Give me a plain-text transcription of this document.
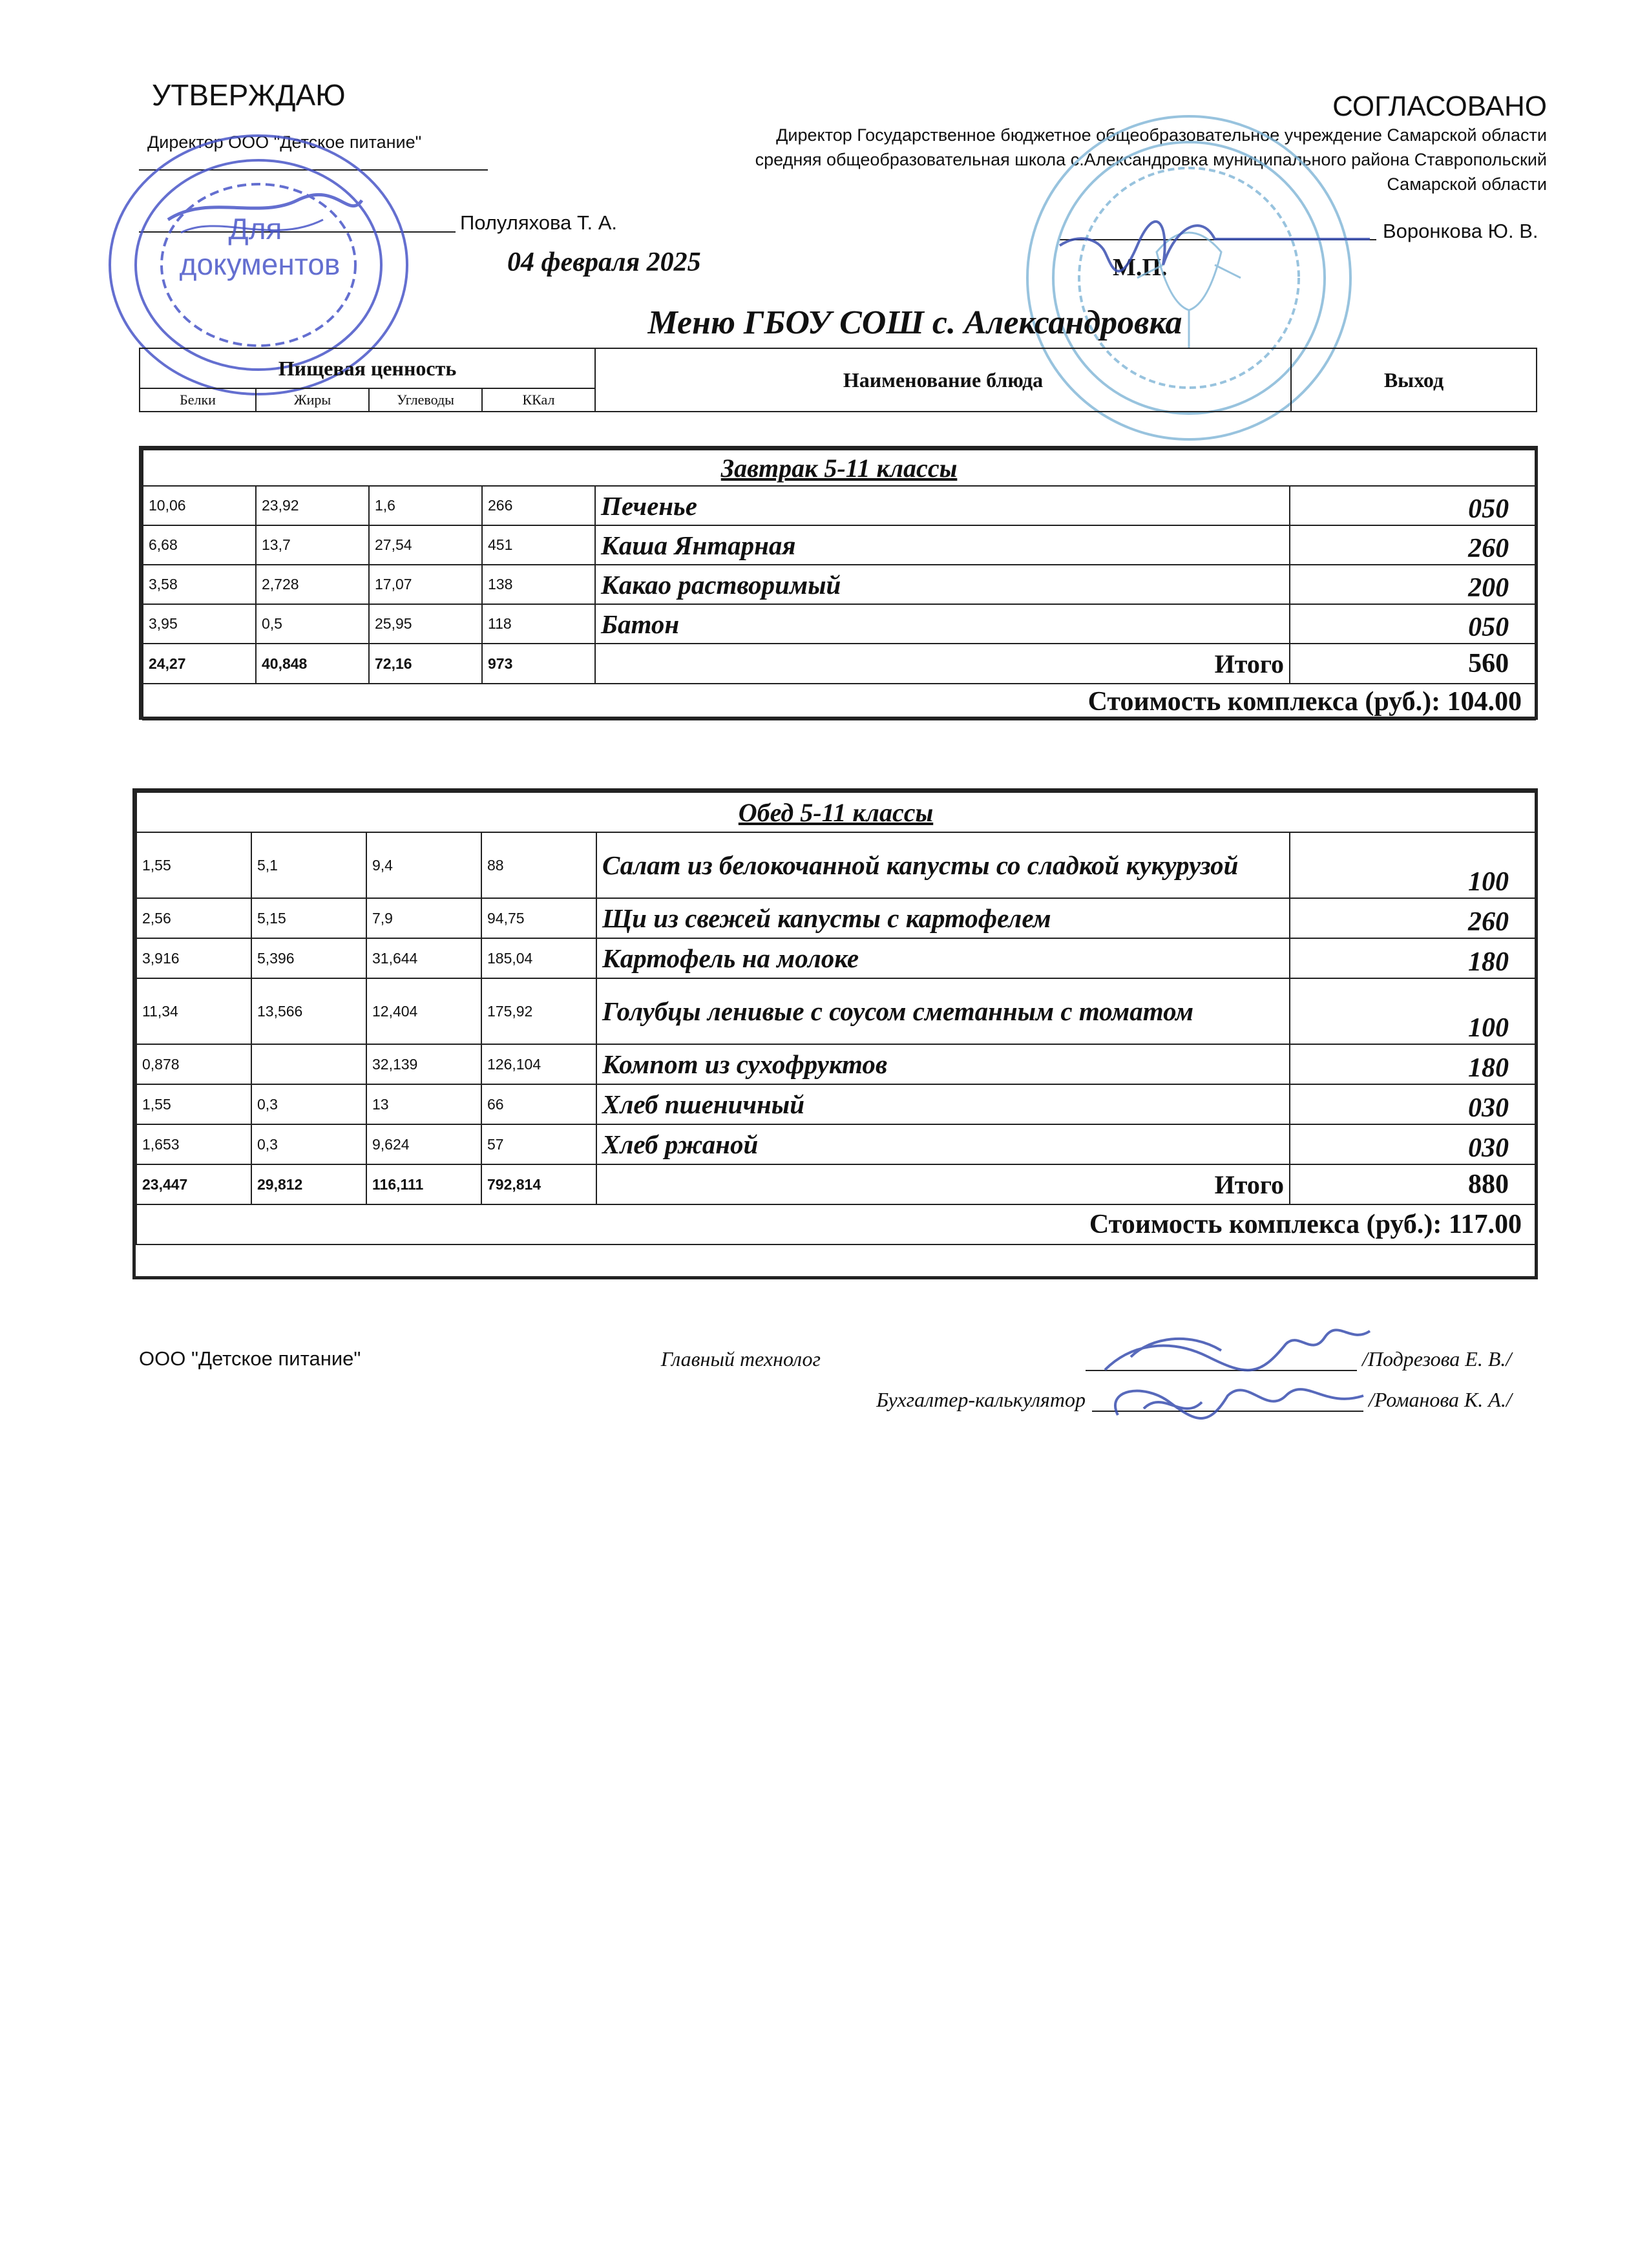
УТВЕРЖДАЮ
Директор ООО "Детское питание"
Полуляхова Т. А.
04 февраля 2025
СОГЛАСОВАНО
Директор Государственное бюджетное общеобразовательное учреждение Самарской области средняя общеобразовательная школа с.Александровка муниципального района Ставропольский Самарской области
Воронкова Ю. В.
М.П.
Для
документов
Меню ГБОУ СОШ с. Александровка
Пищевая ценность				Наименование блюда	Выход
Белки	Жиры	Углеводы	ККал		
Завтрак 5-11 классы					
10,06	23,92	1,6	266	Печенье	050
6,68	13,7	27,54	451	Каша Янтарная	260
3,58	2,728	17,07	138	Какао растворимый	200
3,95	0,5	25,95	118	Батон	050
24,27	40,848	72,16	973	Итого	560
Стоимость комплекса (руб.): 104.00					
Обед 5-11 классы					
1,55	5,1	9,4	88	Салат из белокочанной капусты со сладкой кукурузой	100
2,56	5,15	7,9	94,75	Щи из свежей капусты с картофелем	260
3,916	5,396	31,644	185,04	Картофель на молоке	180
11,34	13,566	12,404	175,92	Голубцы ленивые с соусом сметанным с томатом	100
0,878		32,139	126,104	Компот из сухофруктов	180
1,55	0,3	13	66	Хлеб пшеничный	030
1,653	0,3	9,624	57	Хлеб ржаной	030
23,447	29,812	116,111	792,814	Итого	880
Стоимость комплекса (руб.): 117.00					
ООО "Детское питание"	Главный технолог	/Подрезова Е. В./
Бухгалтер-калькулятор	/Романова К. А./
